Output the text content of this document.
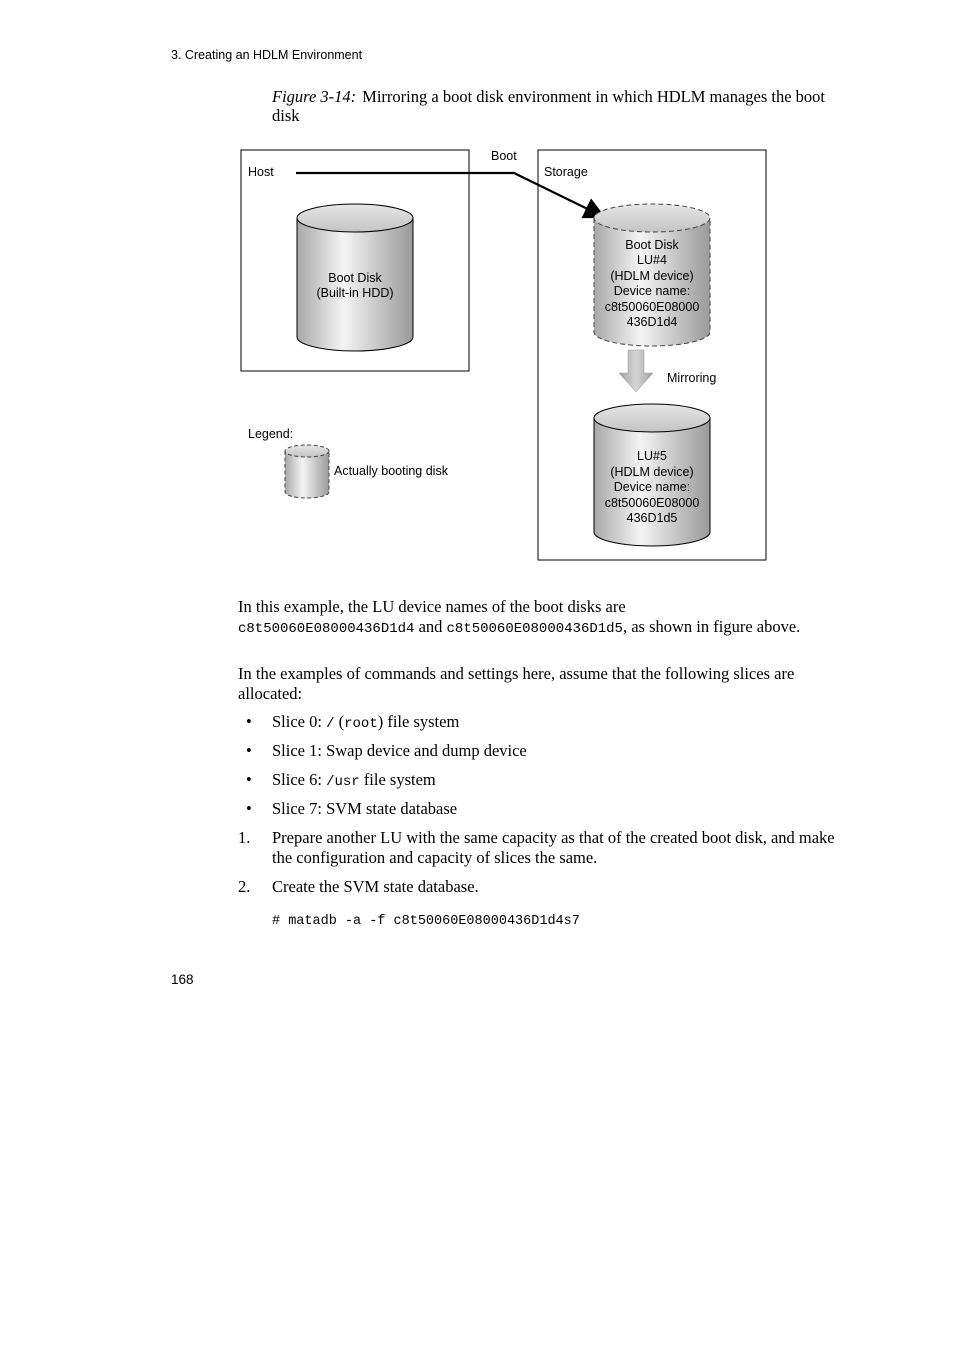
3. Creating an HDLM Environment
Figure 3-14: Mirroring a boot disk environment in which HDLM manages the boot disk
Host	Storage
Boot
Boot Disk
(Built-in HDD)
Boot Disk
LU#4
(HDLM device)
Device name:
c8t50060E08000
436D1d4
Mirroring
LU#5
(HDLM device)
Device name:
c8t50060E08000
436D1d5
Legend:
Actually booting disk
In this example, the LU device names of the boot disks are
c8t50060E08000436D1d4 and c8t50060E08000436D1d5, as shown in figure above.
In the examples of commands and settings here, assume that the following slices are allocated:
• Slice 0: / (root) file system
• Slice 1: Swap device and dump device
• Slice 6: /usr file system
• Slice 7: SVM state database
1. Prepare another LU with the same capacity as that of the created boot disk, and make the configuration and capacity of slices the same.
2. Create the SVM state database.
# matadb -a -f c8t50060E08000436D1d4s7
168
